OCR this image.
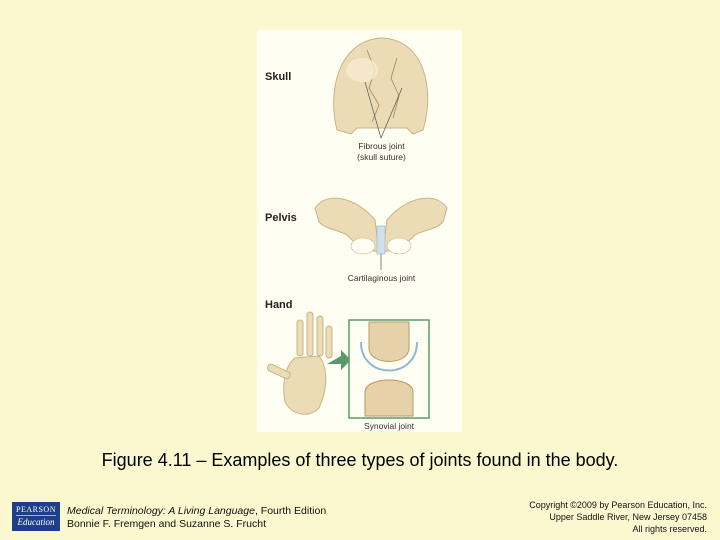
Skull
Fibrous joint
(skull suture)
Pelvis
Cartilaginous joint
Hand
Synovial joint
Figure 4.11 – Examples of three types of joints found in the body.
PEARSON
Education
Medical Terminology: A Living Language, Fourth Edition
Bonnie F. Fremgen and Suzanne S. Frucht
Copyright ©2009 by Pearson Education, Inc.
Upper Saddle River, New Jersey 07458
All rights reserved.
